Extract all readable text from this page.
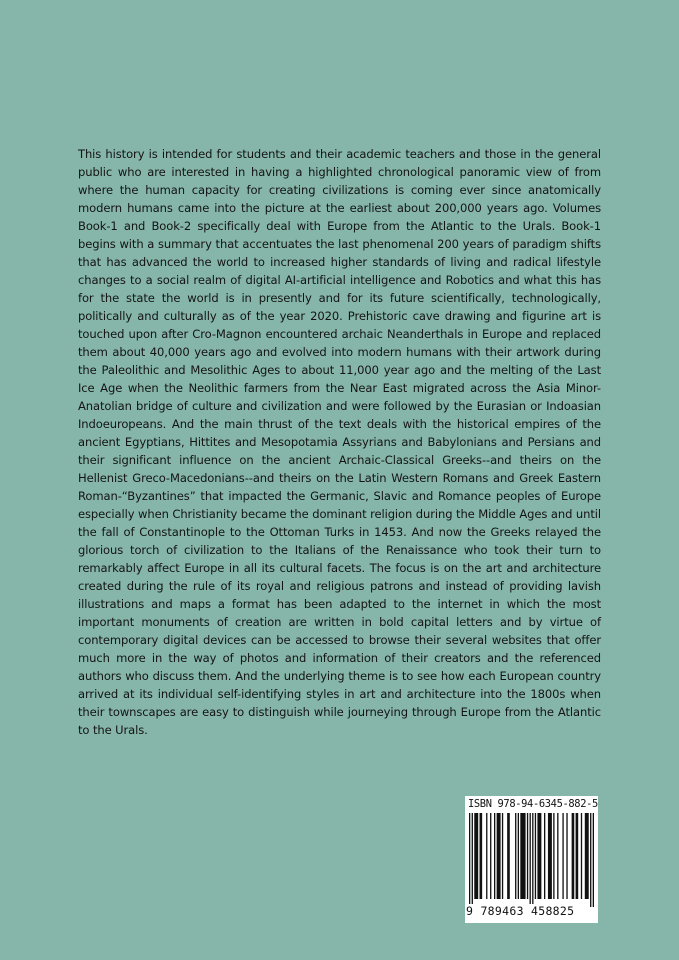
This history is intended for students and their academic teachers and those in the general public who are interested in having a highlighted chronological panoramic view of from where the human capacity for creating civilizations is coming ever since anatomically modern humans came into the picture at the earliest about 200,000 years ago. Volumes Book-1 and Book-2 specifically deal with Europe from the Atlantic to the Urals. Book-1 begins with a summary that accentuates the last phenomenal 200 years of paradigm shifts that has advanced the world to increased higher standards of living and radical lifestyle changes to a social realm of digital AI-artificial intelligence and Robotics and what this has for the state the world is in presently and for its future scientifically, technologically, politically and culturally as of the year 2020. Prehistoric cave drawing and figurine art is touched upon after Cro-Magnon encountered archaic Neanderthals in Europe and replaced them about 40,000 years ago and evolved into modern humans with their artwork during the Paleolithic and Mesolithic Ages to about 11,000 year ago and the melting of the Last Ice Age when the Neolithic farmers from the Near East migrated across the Asia Minor-Anatolian bridge of culture and civilization and were followed by the Eurasian or Indoasian Indoeuropeans. And the main thrust of the text deals with the historical empires of the ancient Egyptians, Hittites and Mesopotamia Assyrians and Babylonians and Persians and their significant influence on the ancient Archaic-Classical Greeks--and theirs on the Hellenist Greco-Macedonians--and theirs on the Latin Western Romans and Greek Eastern Roman-“Byzantines” that impacted the Germanic, Slavic and Romance peoples of Europe especially when Christianity became the dominant religion during the Middle Ages and until the fall of Constantinople to the Ottoman Turks in 1453. And now the Greeks relayed the glorious torch of civilization to the Italians of the Renaissance who took their turn to remarkably affect Europe in all its cultural facets. The focus is on the art and architecture created during the rule of its royal and religious patrons and instead of providing lavish illustrations and maps a format has been adapted to the internet in which the most important monuments of creation are written in bold capital letters and by virtue of contemporary digital devices can be accessed to browse their several websites that offer much more in the way of photos and information of their creators and the referenced authors who discuss them. And the underlying theme is to see how each European country arrived at its individual self-identifying styles in art and architecture into the 1800s when their townscapes are easy to distinguish while journeying through Europe from the Atlantic to the Urals.

ISBN 978-94-6345-882-5
9 789463 458825
